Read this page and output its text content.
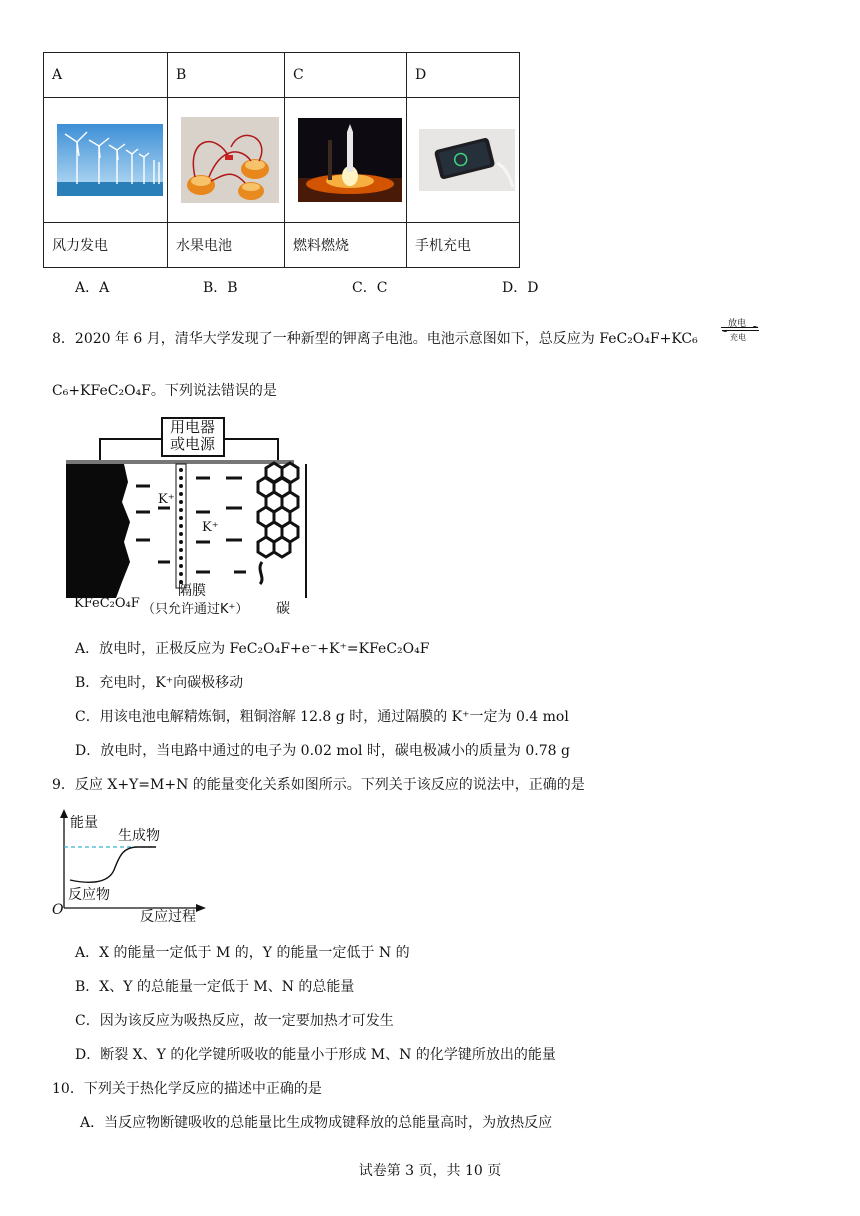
A	B	C	D

风力发电	水果电池	燃料燃烧	手机充电
A．A	B．B	C．C	D．D
8．2020 年 6 月，清华大学发现了一种新型的钾离子电池。电池示意图如下，总反应为 FeC₂O₄F+KC₆
放电
充电
C₆+KFeC₂O₄F。下列说法错误的是
用电器
或电源
K⁺
K⁺
隔膜
KFeC₂O₄F （只允许通过K⁺） 碳
A．放电时，正极反应为 FeC₂O₄F+e⁻+K⁺=KFeC₂O₄F
B．充电时，K⁺向碳极移动
C．用该电池电解精炼铜，粗铜溶解 12.8 g 时，通过隔膜的 K⁺一定为 0.4 mol
D．放电时，当电路中通过的电子为 0.02 mol 时，碳电极减小的质量为 0.78 g
9．反应 X+Y=M+N 的能量变化关系如图所示。下列关于该反应的说法中，正确的是
能量
生成物
反应物
O	反应过程
A．X 的能量一定低于 M 的，Y 的能量一定低于 N 的
B．X、Y 的总能量一定低于 M、N 的总能量
C．因为该反应为吸热反应，故一定要加热才可发生
D．断裂 X、Y 的化学键所吸收的能量小于形成 M、N 的化学键所放出的能量
10．下列关于热化学反应的描述中正确的是
A．当反应物断键吸收的总能量比生成物成键释放的总能量高时，为放热反应
试卷第 3 页，共 10 页
